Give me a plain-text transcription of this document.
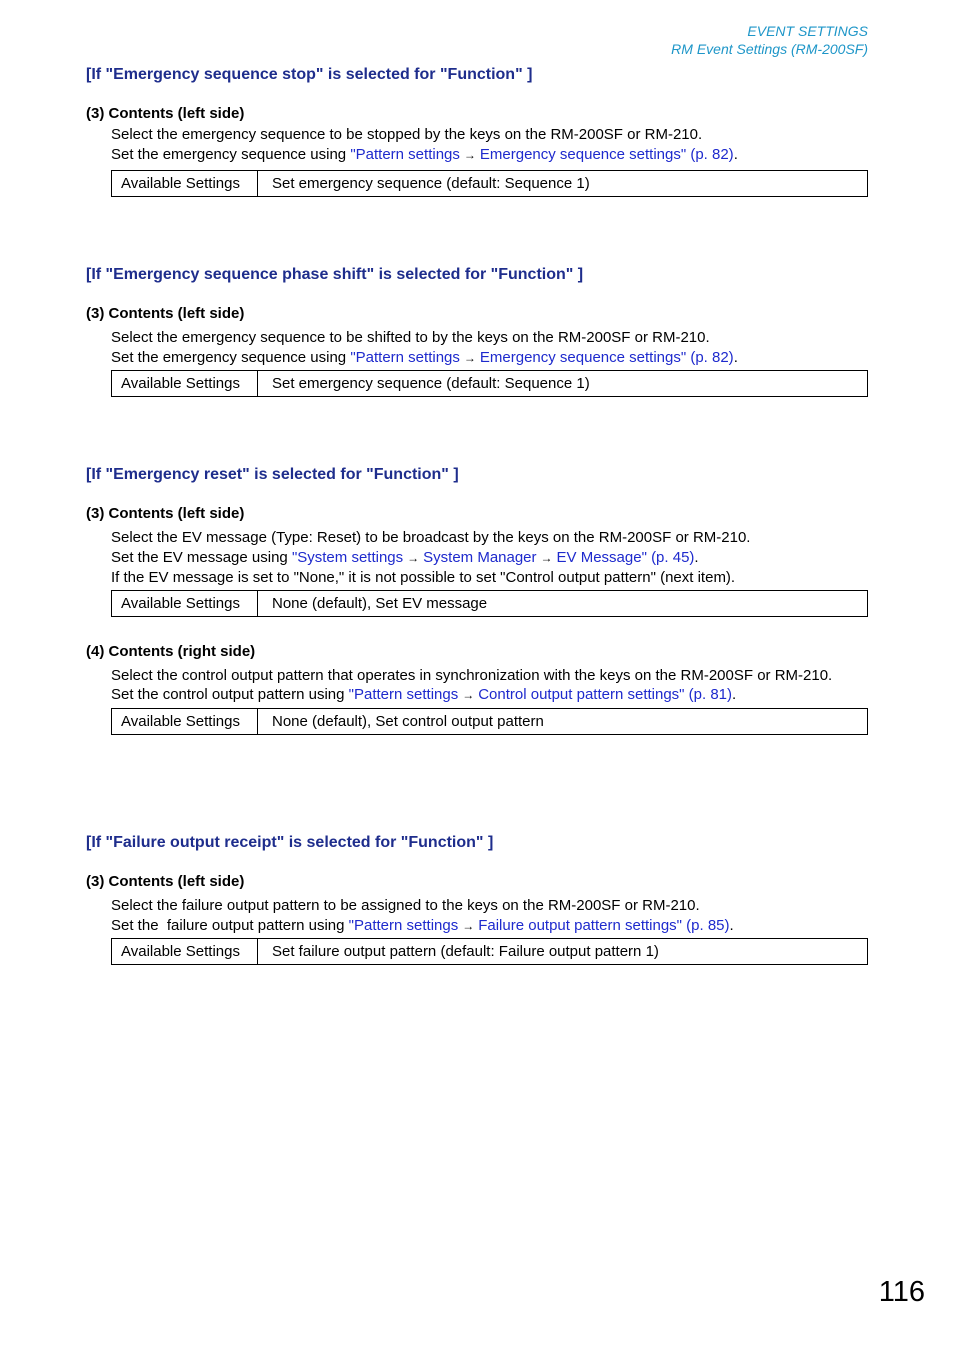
EVENT SETTINGS
RM Event Settings (RM-200SF)

[If "Emergency sequence stop" is selected for "Function" ]

(3) Contents (left side)

Select the emergency sequence to be stopped by the keys on the RM-200SF or RM-210.
Set the emergency sequence using "Pattern settings → Emergency sequence settings" (p. 82).
Available Settings	Set emergency sequence (default: Sequence 1)

[If "Emergency sequence phase shift" is selected for "Function" ]

(3) Contents (left side)

Select the emergency sequence to be shifted to by the keys on the RM-200SF or RM-210.
Set the emergency sequence using "Pattern settings → Emergency sequence settings" (p. 82).
Available Settings	Set emergency sequence (default: Sequence 1)

[If "Emergency reset" is selected for "Function" ]

(3) Contents (left side)

Select the EV message (Type: Reset) to be broadcast by the keys on the RM-200SF or RM-210.
Set the EV message using "System settings → System Manager → EV Message" (p. 45).
If the EV message is set to "None," it is not possible to set "Control output pattern" (next item).
Available Settings	None (default), Set EV message

(4) Contents (right side)

Select the control output pattern that operates in synchronization with the keys on the RM-200SF or RM-210.
Set the control output pattern using "Pattern settings → Control output pattern settings" (p. 81).
Available Settings	None (default), Set control output pattern

[If "Failure output receipt" is selected for "Function" ]

(3) Contents (left side)

Select the failure output pattern to be assigned to the keys on the RM-200SF or RM-210.
Set the  failure output pattern using "Pattern settings → Failure output pattern settings" (p. 85).
Available Settings	Set failure output pattern (default: Failure output pattern 1)
116
